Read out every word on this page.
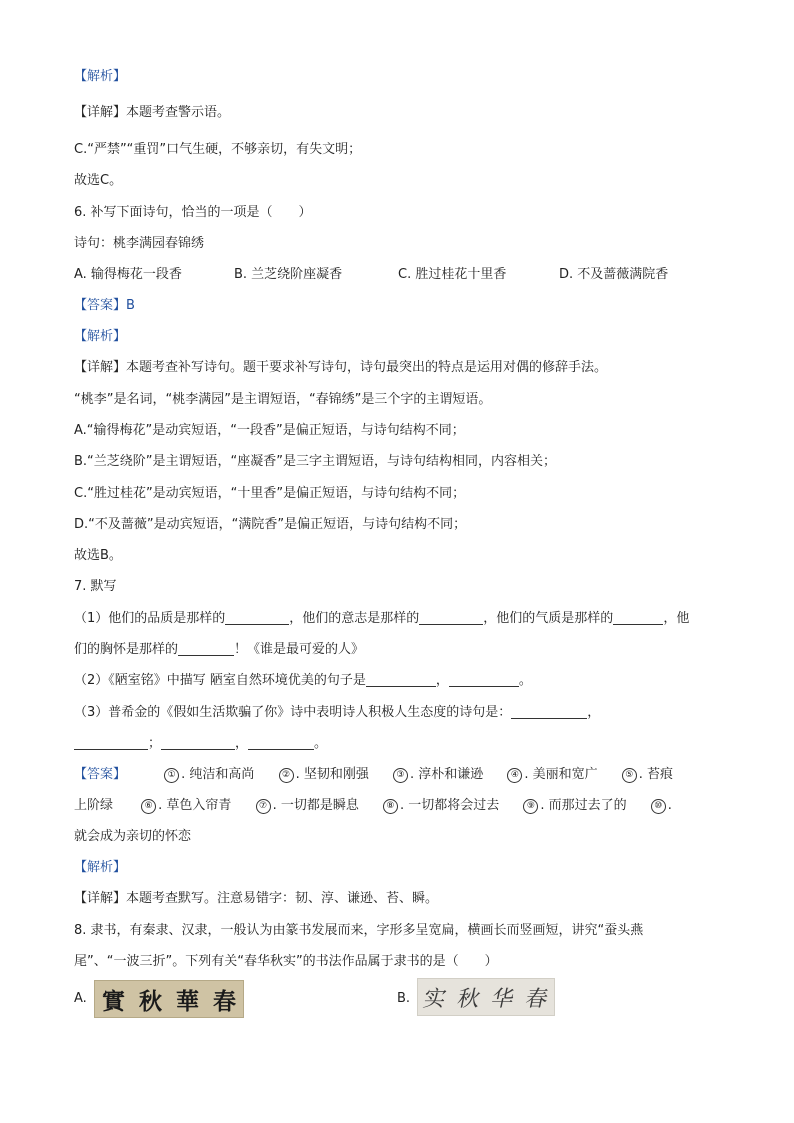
【解析】
【详解】本题考查警示语。
C.“严禁”“重罚”口气生硬，不够亲切，有失文明；
故选C。
6. 补写下面诗句，恰当的一项是（　　）
诗句：桃李满园春锦绣
A. 输得梅花一段香	B. 兰芝绕阶座凝香	C. 胜过桂花十里香	D. 不及蔷薇满院香
【答案】B
【解析】
【详解】本题考查补写诗句。题干要求补写诗句，诗句最突出的特点是运用对偶的修辞手法。
“桃李”是名词，“桃李满园”是主谓短语，“春锦绣”是三个字的主谓短语。
A.“输得梅花”是动宾短语，“一段香”是偏正短语，与诗句结构不同；
B.“兰芝绕阶”是主谓短语，“座凝香”是三字主谓短语，与诗句结构相同，内容相关；
C.“胜过桂花”是动宾短语，“十里香”是偏正短语，与诗句结构不同；
D.“不及蔷薇”是动宾短语，“满院香”是偏正短语，与诗句结构不同；
故选B。
7. 默写
（1）他们的品质是那样的	，他们的意志是那样的	，他们的气质是那样的	，他
们的胸怀是那样的	！《谁是最可爱的人》
（2）《陋室铭》中描写 陋室自然环境优美的句子是	，	。
（3）普希金的《假如生活欺骗了你》诗中表明诗人积极人生态度的诗句是：	，
；	，	。
【答案】	① . 纯洁和高尚	② . 坚韧和刚强	③ . 淳朴和谦逊	④ . 美丽和宽广	⑤ . 苔痕
上阶绿	⑥ . 草色入帘青	⑦ . 一切都是瞬息	⑧ . 一切都将会过去	⑨ . 而那过去了的	⑩ .
就会成为亲切的怀恋
【解析】
【详解】本题考查默写。注意易错字：韧、淳、谦逊、苔、瞬。
8. 隶书，有秦隶、汉隶，一般认为由篆书发展而来，字形多呈宽扁，横画长而竖画短，讲究“蚕头燕
尾”、“一波三折”。下列有关“春华秋实”的书法作品属于隶书的是（　　）
A. 實 秋 華 春	B. 实 秋 华 春
